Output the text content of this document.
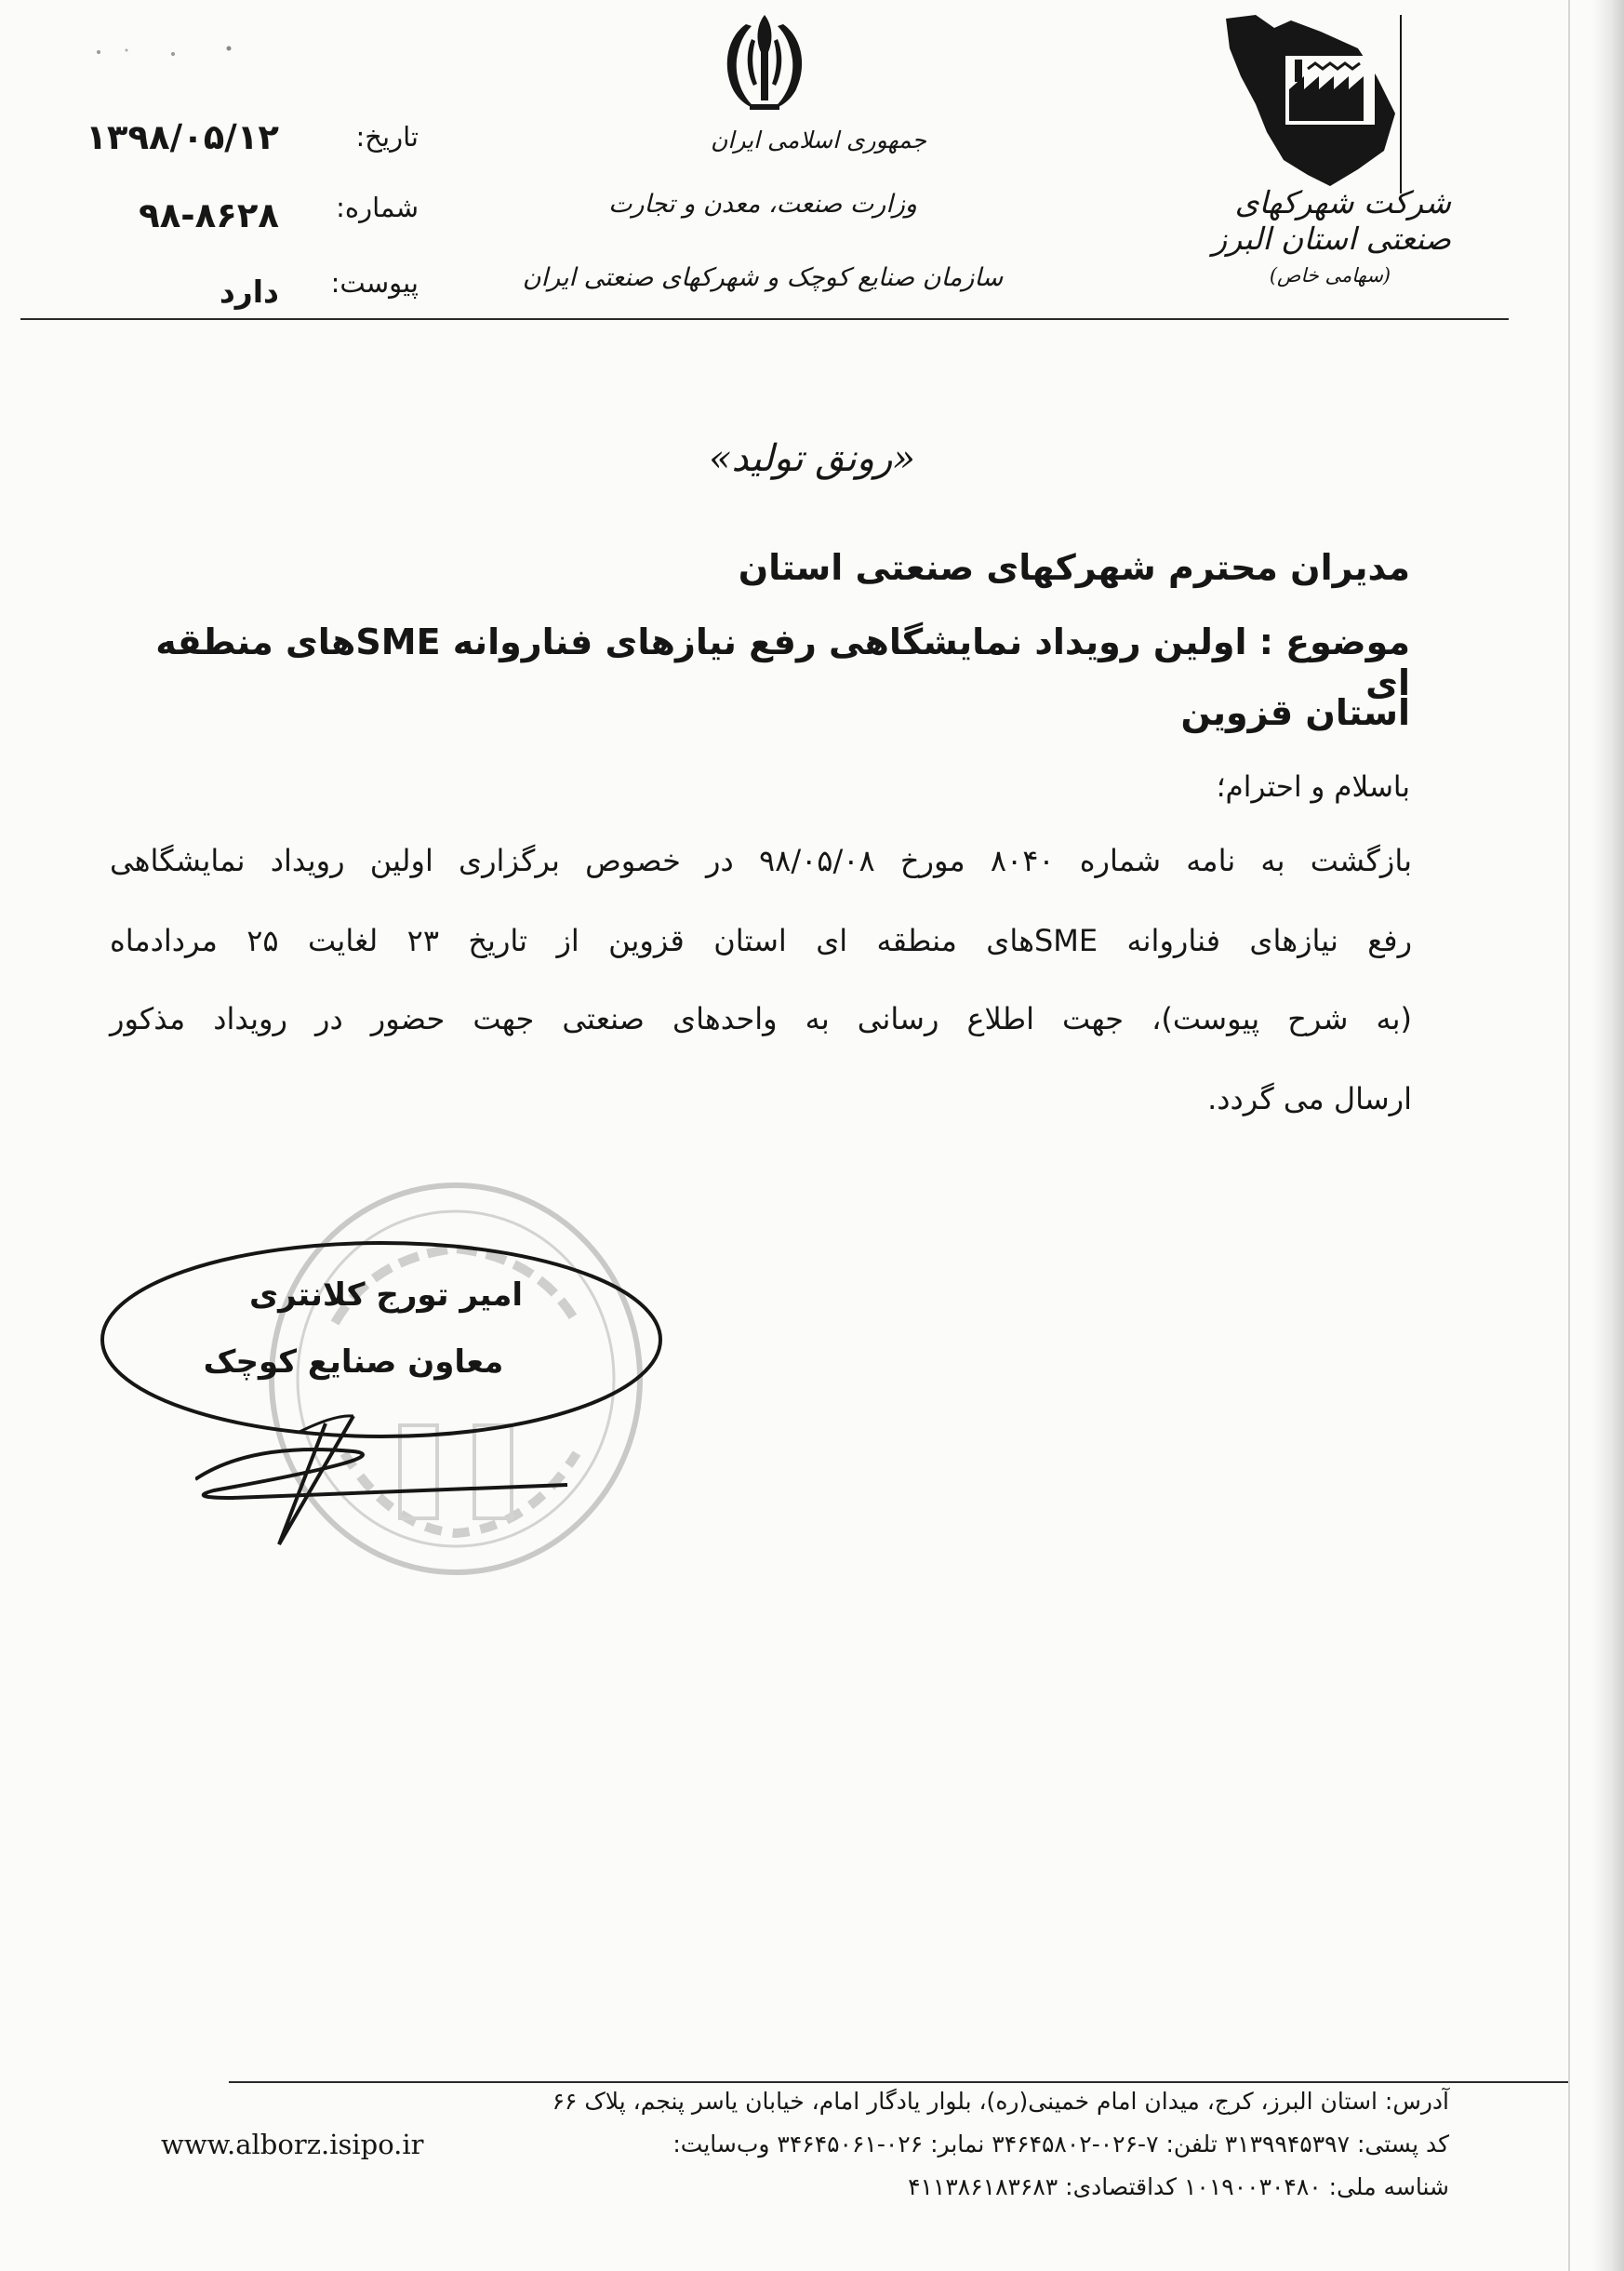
جمهوری اسلامی ایران
وزارت صنعت، معدن و تجارت
سازمان صنایع کوچک و شهرکهای صنعتی ایران
شرکت شهرکهای صنعتی استان البرز
(سهامی خاص)
تاریخ:
شماره:
پیوست:
۱۳۹۸/۰۵/۱۲
۹۸-۸۶۲۸
دارد
«رونق تولید»
مدیران محترم شهرکهای صنعتی استان
موضوع : اولین رویداد نمایشگاهی رفع نیازهای فناروانه SMEهای منطقه ای
استان قزوین
باسلام و احترام؛
بازگشت به نامه شماره ۸۰۴۰ مورخ ۹۸/۰۵/۰۸ در خصوص برگزاری اولین رویداد نمایشگاهی
رفع نیازهای فناروانه SMEهای منطقه ای استان قزوین از تاریخ ۲۳ لغایت ۲۵ مردادماه
(به شرح پیوست)، جهت اطلاع رسانی به واحدهای صنعتی جهت حضور در رویداد مذکور
ارسال می گردد.
امیر تورج کلانتری
معاون صنایع کوچک
آدرس: استان البرز، کرج، میدان امام خمینی(ره)، بلوار یادگار امام، خیابان یاسر پنجم، پلاک ۶۶
کد پستی: ۳۱۳۹۹۴۵۳۹۷ تلفن: ۷-۰۲۶-۳۴۶۴۵۸۰۲ نمابر: ۰۲۶-۳۴۶۴۵۰۶۱ وب‌سایت:
www.alborz.isipo.ir
شناسه ملی: ۱۰۱۹۰۰۳۰۴۸۰ کداقتصادی: ۴۱۱۳۸۶۱۸۳۶۸۳
